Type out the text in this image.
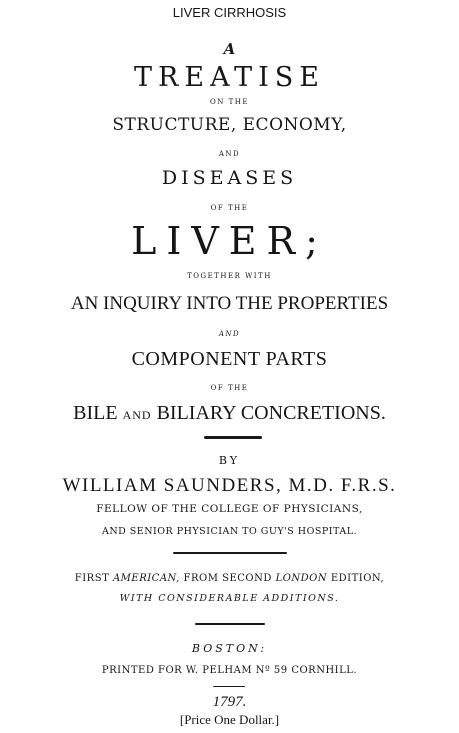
LIVER CIRRHOSIS
A
TREATISE
ON THE
STRUCTURE, ECONOMY,
AND
DISEASES
OF THE
LIVER;
TOGETHER WITH
AN INQUIRY INTO THE PROPERTIES
AND
COMPONENT PARTS
OF THE
BILE AND BILIARY CONCRETIONS.
BY
WILLIAM SAUNDERS, M.D. F.R.S.
FELLOW OF THE COLLEGE OF PHYSICIANS,
AND SENIOR PHYSICIAN TO GUY'S HOSPITAL.
FIRST AMERICAN, FROM SECOND LONDON EDITION,
WITH CONSIDERABLE ADDITIONS.
BOSTON:
PRINTED FOR W. PELHAM Nº 59 CORNHILL.
1797.
[Price One Dollar.]
